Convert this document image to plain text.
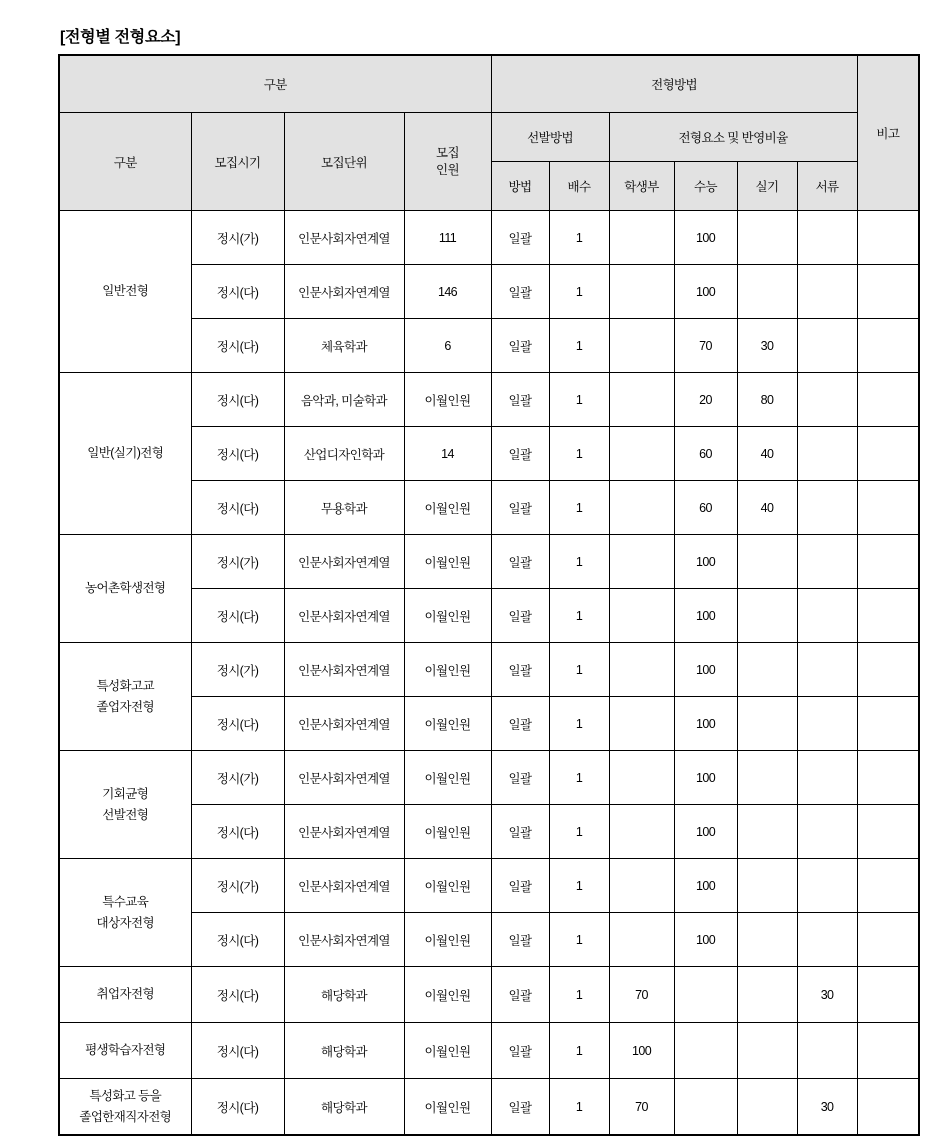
[전형별 전형요소]
구분				전형방법						비고
구분	모집시기	모집단위	모집
인원	선발방법		전형요소 및 반영비율				
				방법	배수	학생부	수능	실기	서류	

일반전형	정시(가)	인문사회자연계열	111	일괄	1		100			
	정시(다)	인문사회자연계열	146	일괄	1		100			
	정시(다)	체육학과	6	일괄	1		70	30		

일반(실기)전형	정시(다)	음악과, 미술학과	이월인원	일괄	1		20	80		
	정시(다)	산업디자인학과	14	일괄	1		60	40		
	정시(다)	무용학과	이월인원	일괄	1		60	40		

농어촌학생전형	정시(가)	인문사회자연계열	이월인원	일괄	1		100			
	정시(다)	인문사회자연계열	이월인원	일괄	1		100			

특성화고교
졸업자전형	정시(가)	인문사회자연계열	이월인원	일괄	1		100			
	정시(다)	인문사회자연계열	이월인원	일괄	1		100			

기회균형
선발전형	정시(가)	인문사회자연계열	이월인원	일괄	1		100			
	정시(다)	인문사회자연계열	이월인원	일괄	1		100			

특수교육
대상자전형	정시(가)	인문사회자연계열	이월인원	일괄	1		100			
	정시(다)	인문사회자연계열	이월인원	일괄	1		100			

취업자전형	정시(다)	해당학과	이월인원	일괄	1	70			30	

평생학습자전형	정시(다)	해당학과	이월인원	일괄	1	100				

특성화고 등을
졸업한재직자전형	정시(다)	해당학과	이월인원	일괄	1	70			30	
